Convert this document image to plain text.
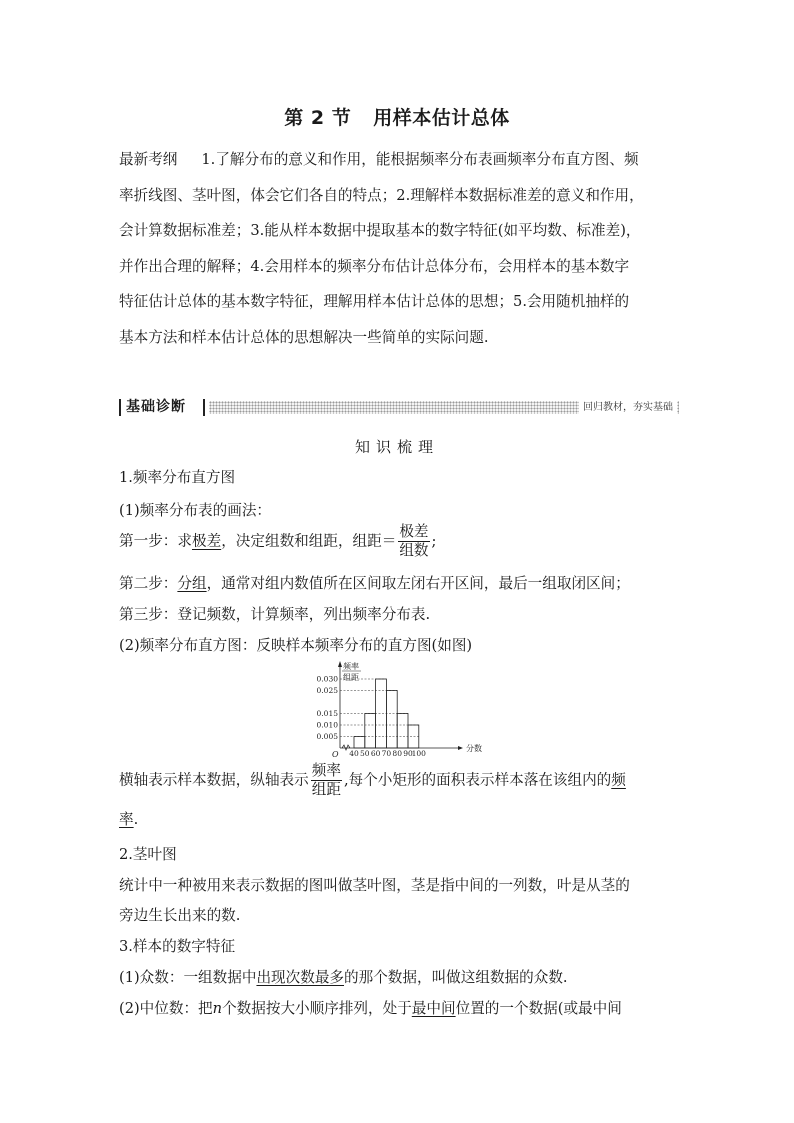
第 2 节 用样本估计总体
最新考纲 1.了解分布的意义和作用，能根据频率分布表画频率分布直方图、频
率折线图、茎叶图，体会它们各自的特点；2.理解样本数据标准差的意义和作用，
会计算数据标准差；3.能从样本数据中提取基本的数字特征(如平均数、标准差)，
并作出合理的解释；4.会用样本的频率分布估计总体分布，会用样本的基本数字
特征估计总体的基本数字特征，理解用样本估计总体的思想；5.会用随机抽样的
基本方法和样本估计总体的思想解决一些简单的实际问题.
基础诊断	回归教材，夯实基础
知识梳理
1.频率分布直方图
(1)频率分布表的画法：
第一步：求极差，决定组数和组距，组距＝ $\frac{\text{极差}}{\text{组数}}$ ;
第二步：分组，通常对组内数值所在区间取左闭右开区间，最后一组取闭区间；
第三步：登记频数，计算频率，列出频率分布表.
(2)频率分布直方图：反映样本频率分布的直方图(如图)
0.005
0.010
0.015
0.025
0.030
40 50 60 70 80 90
100
分数
O
频率
组距
横轴表示样本数据，纵轴表示 $\frac{\text{频率}}{\text{组距}}$ ,每个小矩形的面积表示样本落在该组内的频
率.
2.茎叶图
统计中一种被用来表示数据的图叫做茎叶图，茎是指中间的一列数，叶是从茎的
旁边生长出来的数.
3.样本的数字特征
(1)众数：一组数据中出现次数最多的那个数据，叫做这组数据的众数.
(2)中位数：把n个数据按大小顺序排列，处于最中间位置的一个数据(或最中间
